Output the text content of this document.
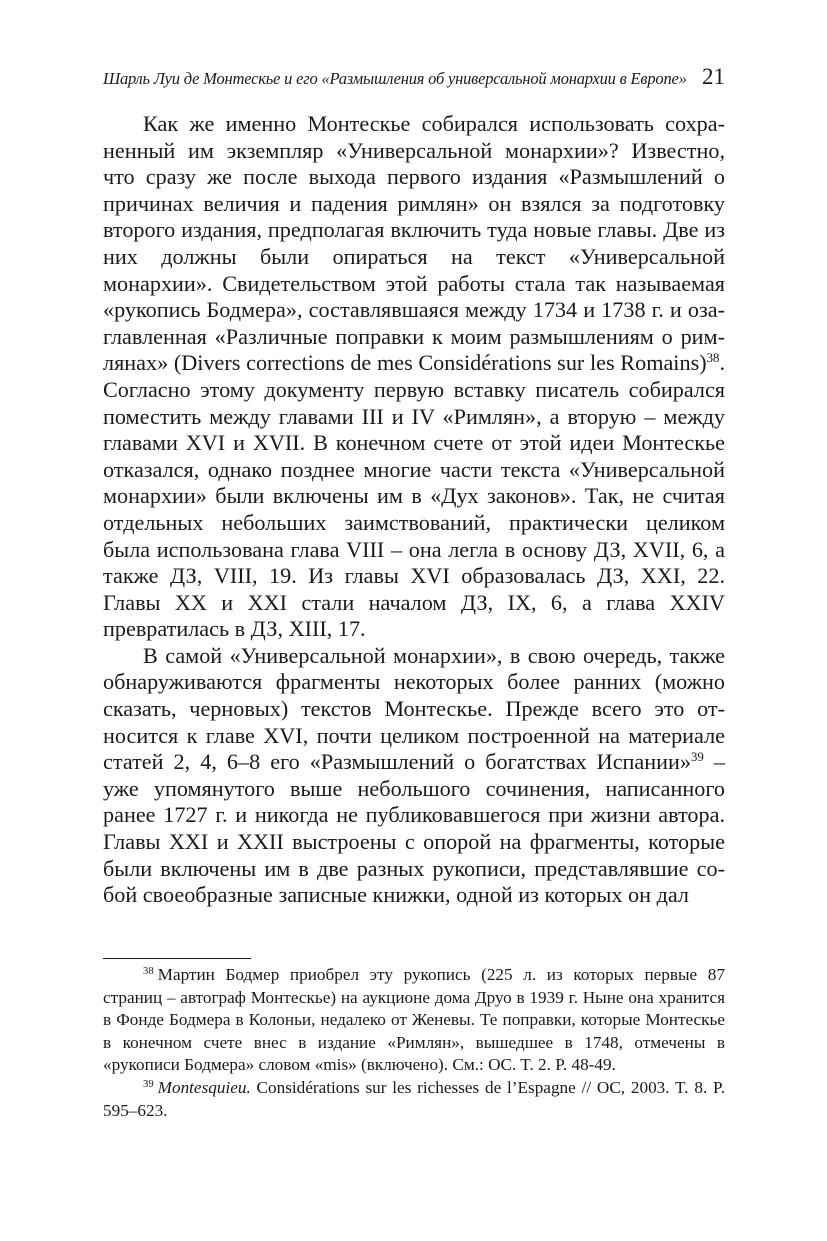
Шарль Луи де Монтескье и его «Размышления об универсальной монархии в Европе» 21

Как же именно Монтескье собирался использовать сохраненный им экземпляр «Универсальной монархии»? Известно, что сразу же после выхода первого издания «Размышлений о причинах величия и падения римлян» он взялся за подготовку второго издания, предполагая включить туда новые главы. Две из них должны были опираться на текст «Универсальной монархии». Свидетельством этой работы стала так называемая «рукопись Бодмера», составлявшаяся между 1734 и 1738 г. и озаглавленная «Различные поправки к моим размышлениям о римлянах» (Divers corrections de mes Considérations sur les Romains)$^{38}$. Согласно этому документу первую вставку писатель собирался поместить между главами III и IV «Римлян», а вторую – между главами XVI и XVII. В конечном счете от этой идеи Монтескье отказался, однако позднее многие части текста «Универсальной монархии» были включены им в «Дух законов». Так, не считая отдельных небольших заимствований, практически целиком была использована глава VIII – она легла в основу ДЗ, XVII, 6, а также ДЗ, VIII, 19. Из главы XVI образовалась ДЗ, XXI, 22. Главы XX и XXI стали началом ДЗ, IX, 6, а глава XXIV превратилась в ДЗ, XIII, 17.

В самой «Универсальной монархии», в свою очередь, также обнаруживаются фрагменты некоторых более ранних (можно сказать, черновых) текстов Монтескье. Прежде всего это относится к главе XVI, почти целиком построенной на материале статей 2, 4, 6–8 его «Размышлений о богатствах Испании»$^{39}$ – уже упомянутого выше небольшого сочинения, написанного ранее 1727 г. и никогда не публиковавшегося при жизни автора. Главы XXI и XXII выстроены с опорой на фрагменты, которые были включены им в две разных рукописи, представлявшие собой своеобразные записные книжки, одной из которых он дал

$^{38}$ Мартин Бодмер приобрел эту рукопись (225 л. из которых первые 87 страниц – автограф Монтескье) на аукционе дома Друо в 1939 г. Ныне она хранится в Фонде Бодмера в Колоньи, недалеко от Женевы. Те поправки, которые Монтескье в конечном счете внес в издание «Римлян», вышедшее в 1748, отмечены в «рукописи Бодмера» словом «mis» (включено). См.: OC. T. 2. P. 48-49.

$^{39}$ Montesquieu. Considérations sur les richesses de l’Espagne // OC, 2003. T. 8. P. 595–623.
